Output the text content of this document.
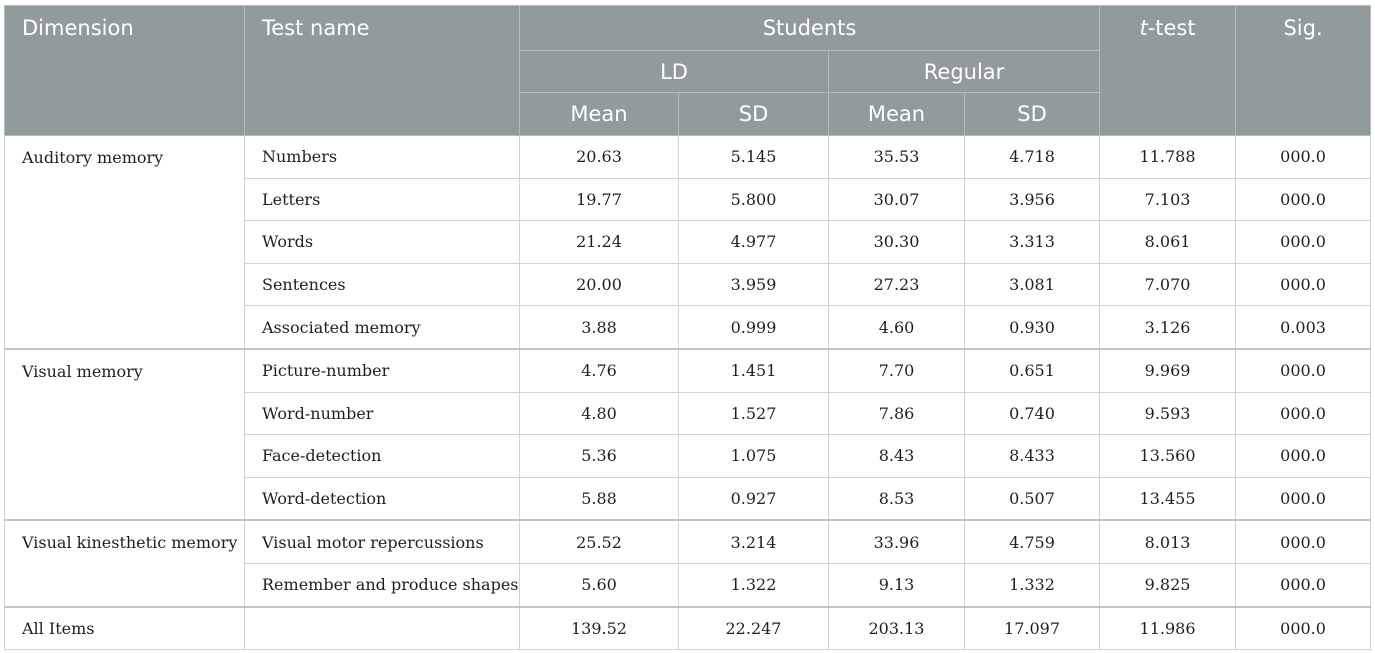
Dimension	Test name	Students				t-test	Sig.
		LD		Regular			
		Mean	SD	Mean	SD		
Auditory memory	Numbers	20.63	5.145	35.53	4.718	11.788	000.0
	Letters	19.77	5.800	30.07	3.956	7.103	000.0
	Words	21.24	4.977	30.30	3.313	8.061	000.0
	Sentences	20.00	3.959	27.23	3.081	7.070	000.0
	Associated memory	3.88	0.999	4.60	0.930	3.126	0.003
Visual memory	Picture-number	4.76	1.451	7.70	0.651	9.969	000.0
	Word-number	4.80	1.527	7.86	0.740	9.593	000.0
	Face-detection	5.36	1.075	8.43	8.433	13.560	000.0
	Word-detection	5.88	0.927	8.53	0.507	13.455	000.0
Visual kinesthetic memory	Visual motor repercussions	25.52	3.214	33.96	4.759	8.013	000.0
	Remember and produce shapes	5.60	1.322	9.13	1.332	9.825	000.0
All Items		139.52	22.247	203.13	17.097	11.986	000.0
